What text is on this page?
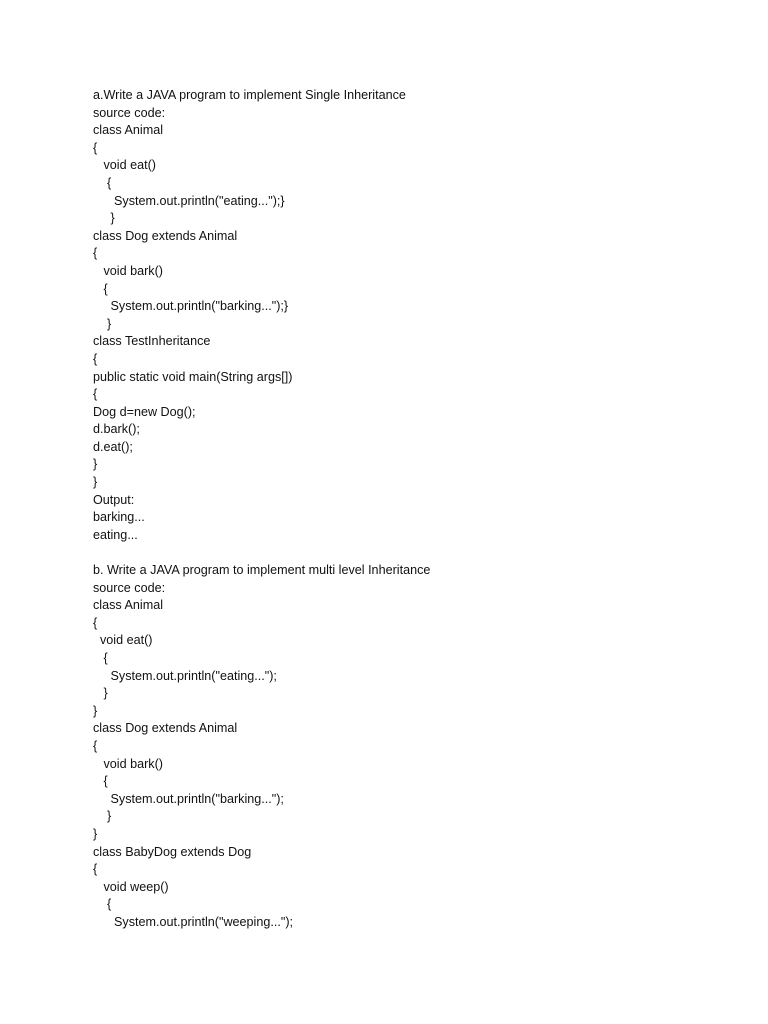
a.Write a JAVA program to implement Single Inheritance
source code:
class Animal
{
void eat()
{
System.out.println("eating...");}
}
class Dog extends Animal
{
void bark()
{
System.out.println("barking...");}
}
class TestInheritance
{
public static void main(String args[])
{
Dog d=new Dog();
d.bark();
d.eat();
}
}
Output:
barking...
eating...
b. Write a JAVA program to implement multi level Inheritance
source code:
class Animal
{
void eat()
{
System.out.println("eating...");
}
}
class Dog extends Animal
{
void bark()
{
System.out.println("barking...");
}
}
class BabyDog extends Dog
{
void weep()
{
System.out.println("weeping...");
